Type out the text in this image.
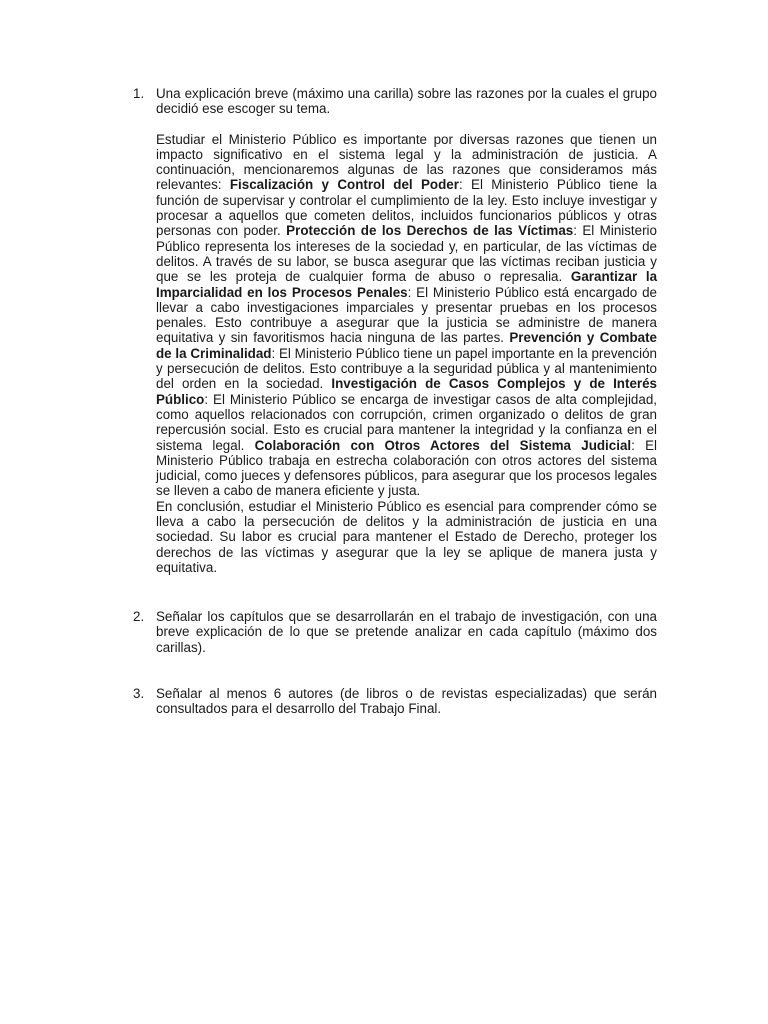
1. Una explicación breve (máximo una carilla) sobre las razones por la cuales el grupo decidió ese escoger su tema.

Estudiar el Ministerio Público es importante por diversas razones que tienen un impacto significativo en el sistema legal y la administración de justicia. A continuación, mencionaremos algunas de las razones que consideramos más relevantes: Fiscalización y Control del Poder: El Ministerio Público tiene la función de supervisar y controlar el cumplimiento de la ley. Esto incluye investigar y procesar a aquellos que cometen delitos, incluidos funcionarios públicos y otras personas con poder. Protección de los Derechos de las Víctimas: El Ministerio Público representa los intereses de la sociedad y, en particular, de las víctimas de delitos. A través de su labor, se busca asegurar que las víctimas reciban justicia y que se les proteja de cualquier forma de abuso o represalia. Garantizar la Imparcialidad en los Procesos Penales: El Ministerio Público está encargado de llevar a cabo investigaciones imparciales y presentar pruebas en los procesos penales. Esto contribuye a asegurar que la justicia se administre de manera equitativa y sin favoritismos hacia ninguna de las partes. Prevención y Combate de la Criminalidad: El Ministerio Público tiene un papel importante en la prevención y persecución de delitos. Esto contribuye a la seguridad pública y al mantenimiento del orden en la sociedad. Investigación de Casos Complejos y de Interés Público: El Ministerio Público se encarga de investigar casos de alta complejidad, como aquellos relacionados con corrupción, crimen organizado o delitos de gran repercusión social. Esto es crucial para mantener la integridad y la confianza en el sistema legal. Colaboración con Otros Actores del Sistema Judicial: El Ministerio Público trabaja en estrecha colaboración con otros actores del sistema judicial, como jueces y defensores públicos, para asegurar que los procesos legales se lleven a cabo de manera eficiente y justa.

En conclusión, estudiar el Ministerio Público es esencial para comprender cómo se lleva a cabo la persecución de delitos y la administración de justicia en una sociedad. Su labor es crucial para mantener el Estado de Derecho, proteger los derechos de las víctimas y asegurar que la ley se aplique de manera justa y equitativa.

2. Señalar los capítulos que se desarrollarán en el trabajo de investigación, con una breve explicación de lo que se pretende analizar en cada capítulo (máximo dos carillas).

3. Señalar al menos 6 autores (de libros o de revistas especializadas) que serán consultados para el desarrollo del Trabajo Final.
